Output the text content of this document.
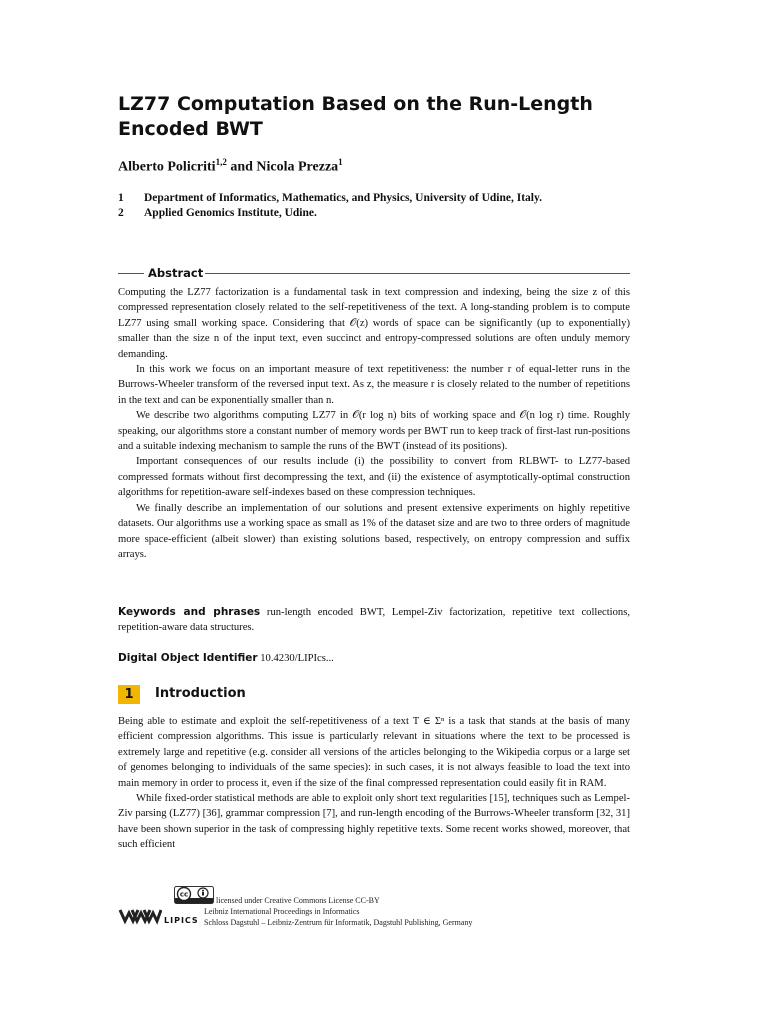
LZ77 Computation Based on the Run-Length
Encoded BWT
Alberto Policriti$^{1,2}$ and Nicola Prezza$^1$
1	Department of Informatics, Mathematics, and Physics, University of Udine, Italy.
2	Applied Genomics Institute, Udine.
Abstract

Computing the LZ77 factorization is a fundamental task in text compression and indexing, being the size z of this compressed representation closely related to the self-repetitiveness of the text. A long-standing problem is to compute LZ77 using small working space. Considering that 𝒪(z) words of space can be significantly (up to exponentially) smaller than the size n of the input text, even succinct and entropy-compressed solutions are often unduly memory demanding.

In this work we focus on an important measure of text repetitiveness: the number r of equal-letter runs in the Burrows-Wheeler transform of the reversed input text. As z, the measure r is closely related to the number of repetitions in the text and can be exponentially smaller than n.

We describe two algorithms computing LZ77 in 𝒪(r log n) bits of working space and 𝒪(n log r) time. Roughly speaking, our algorithms store a constant number of memory words per BWT run to keep track of first-last run-positions and a suitable indexing mechanism to sample the runs of the BWT (instead of its positions).

Important consequences of our results include (i) the possibility to convert from RLBWT- to LZ77-based compressed formats without first decompressing the text, and (ii) the existence of asymptotically-optimal construction algorithms for repetition-aware self-indexes based on these compression techniques.

We finally describe an implementation of our solutions and present extensive experiments on highly repetitive datasets. Our algorithms use a working space as small as 1% of the dataset size and are two to three orders of magnitude more space-efficient (albeit slower) than existing solutions based, respectively, on entropy compression and suffix arrays.

Keywords and phrases run-length encoded BWT, Lempel-Ziv factorization, repetitive text collections, repetition-aware data structures.
Digital Object Identifier 10.4230/LIPIcs...
1	Introduction

Being able to estimate and exploit the self-repetitiveness of a text T ∈ Σⁿ is a task that stands at the basis of many efficient compression algorithms. This issue is particularly relevant in situations where the text to be processed is extremely large and repetitive (e.g. consider all versions of the articles belonging to the Wikipedia corpus or a large set of genomes belonging to individuals of the same species): in such cases, it is not always feasible to load the text into main memory in order to process it, even if the size of the final compressed representation could easily fit in RAM.

While fixed-order statistical methods are able to exploit only short text regularities [15], techniques such as Lempel-Ziv parsing (LZ77) [36], grammar compression [7], and run-length encoding of the Burrows-Wheeler transform [32, 31] have been shown superior in the task of compressing highly repetitive texts. Some recent works showed, moreover, that such efficient

cc
LIPICS
licensed under Creative Commons License CC-BY
Leibniz International Proceedings in Informatics
Schloss Dagstuhl – Leibniz-Zentrum für Informatik, Dagstuhl Publishing, Germany
